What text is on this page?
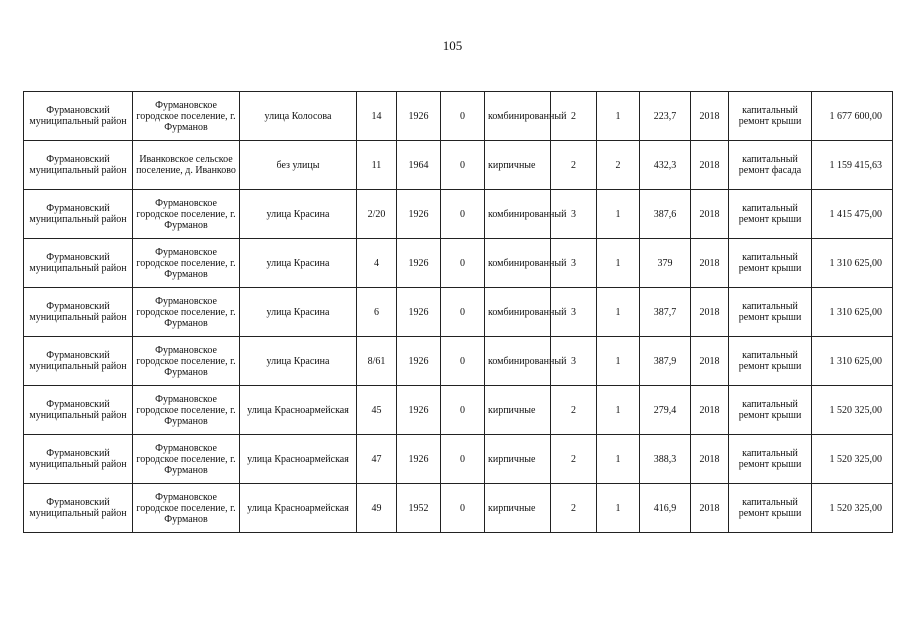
105
Фурмановский муниципальный район	Фурмановское городское поселение, г. Фурманов	улица Колосова	14	1926	0	комбинированный	2	1	223,7	2018	капитальный ремонт крыши	1 677 600,00
Фурмановский муниципальный район	Иванковское сельское поселение, д. Иванково	без улицы	11	1964	0	кирпичные	2	2	432,3	2018	капитальный ремонт фасада	1 159 415,63
Фурмановский муниципальный район	Фурмановское городское поселение, г. Фурманов	улица Красина	2/20	1926	0	комбинированный	3	1	387,6	2018	капитальный ремонт крыши	1 415 475,00
Фурмановский муниципальный район	Фурмановское городское поселение, г. Фурманов	улица Красина	4	1926	0	комбинированный	3	1	379	2018	капитальный ремонт крыши	1 310 625,00
Фурмановский муниципальный район	Фурмановское городское поселение, г. Фурманов	улица Красина	6	1926	0	комбинированный	3	1	387,7	2018	капитальный ремонт крыши	1 310 625,00
Фурмановский муниципальный район	Фурмановское городское поселение, г. Фурманов	улица Красина	8/61	1926	0	комбинированный	3	1	387,9	2018	капитальный ремонт крыши	1 310 625,00
Фурмановский муниципальный район	Фурмановское городское поселение, г. Фурманов	улица Красноармейская	45	1926	0	кирпичные	2	1	279,4	2018	капитальный ремонт крыши	1 520 325,00
Фурмановский муниципальный район	Фурмановское городское поселение, г. Фурманов	улица Красноармейская	47	1926	0	кирпичные	2	1	388,3	2018	капитальный ремонт крыши	1 520 325,00
Фурмановский муниципальный район	Фурмановское городское поселение, г. Фурманов	улица Красноармейская	49	1952	0	кирпичные	2	1	416,9	2018	капитальный ремонт крыши	1 520 325,00
